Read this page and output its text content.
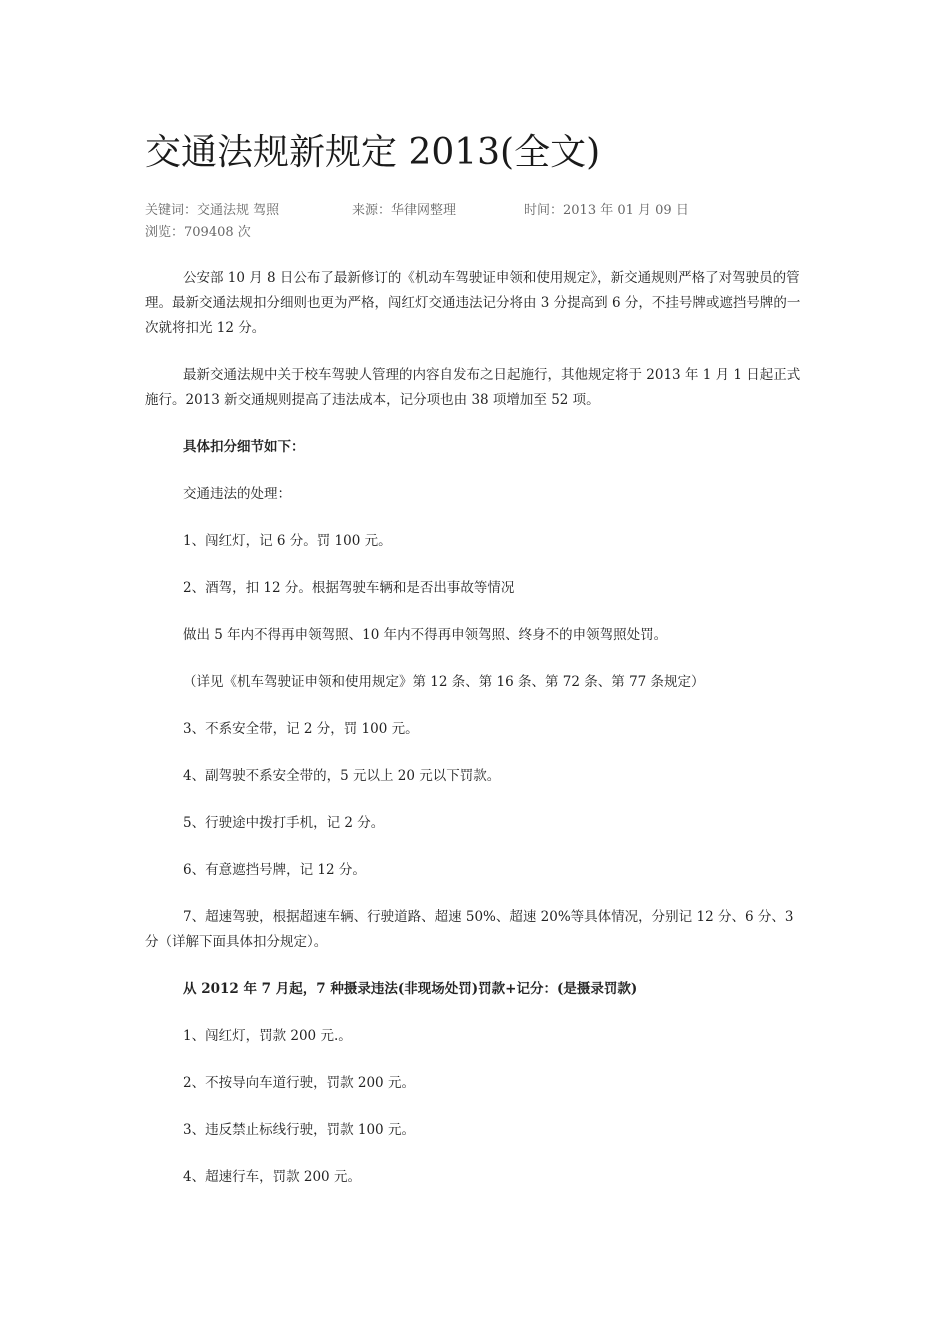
交通法规新规定 2013(全文)
关键词：交通法规 驾照	来源：华律网整理	时间：2013 年 01 月 09 日浏览：709408 次

公安部 10 月 8 日公布了最新修订的《机动车驾驶证申领和使用规定》，新交通规则严格了对驾驶员的管理。最新交通法规扣分细则也更为严格，闯红灯交通违法记分将由 3 分提高到 6 分，不挂号牌或遮挡号牌的一次就将扣光 12 分。

最新交通法规中关于校车驾驶人管理的内容自发布之日起施行，其他规定将于 2013 年 1 月 1 日起正式施行。2013 新交通规则提高了违法成本，记分项也由 38 项增加至 52 项。

具体扣分细节如下：

交通违法的处理：

1、闯红灯，记 6 分。罚 100 元。

2、酒驾，扣 12 分。根据驾驶车辆和是否出事故等情况

做出 5 年内不得再申领驾照、10 年内不得再申领驾照、终身不的申领驾照处罚。

（详见《机车驾驶证申领和使用规定》第 12 条、第 16 条、第 72 条、第 77 条规定）

3、不系安全带，记 2 分，罚 100 元。

4、副驾驶不系安全带的，5 元以上 20 元以下罚款。

5、行驶途中拨打手机，记 2 分。

6、有意遮挡号牌，记 12 分。

7、超速驾驶，根据超速车辆、行驶道路、超速 50%、超速 20%等具体情况，分别记 12 分、6 分、3 分（详解下面具体扣分规定）。

从 2012 年 7 月起，7 种摄录违法(非现场处罚)罚款+记分：(是摄录罚款)

1、闯红灯，罚款 200 元.。

2、不按导向车道行驶，罚款 200 元。

3、违反禁止标线行驶，罚款 100 元。

4、超速行车，罚款 200 元。
